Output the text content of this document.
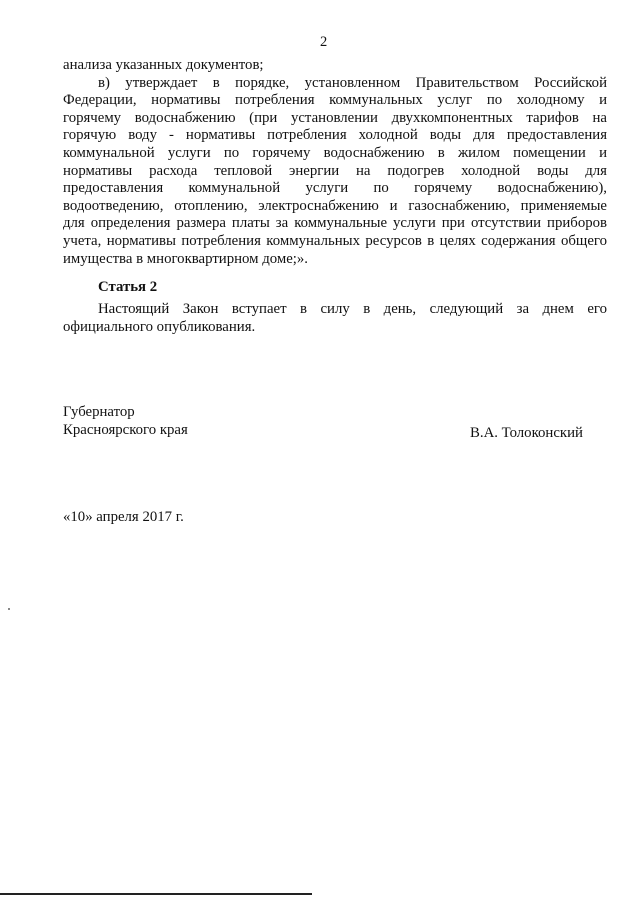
2
анализа указанных документов;
в) утверждает в порядке, установленном Правительством Российской
Федерации, нормативы потребления коммунальных услуг по холодному и
горячему водоснабжению (при установлении двухкомпонентных тарифов на
горячую воду - нормативы потребления холодной воды для предоставления
коммунальной услуги по горячему водоснабжению в жилом помещении и
нормативы расхода тепловой энергии на подогрев холодной воды для
предоставления коммунальной услуги по горячему водоснабжению),
водоотведению, отоплению, электроснабжению и газоснабжению, применяемые
для определения размера платы за коммунальные услуги при отсутствии приборов
учета, нормативы потребления коммунальных ресурсов в целях содержания общего
имущества в многоквартирном доме;».
Статья 2
Настоящий Закон вступает в силу в день, следующий за днем его
официального опубликования.
Губернатор
Красноярского края	В.А. Толоконский
«10» апреля 2017 г.
